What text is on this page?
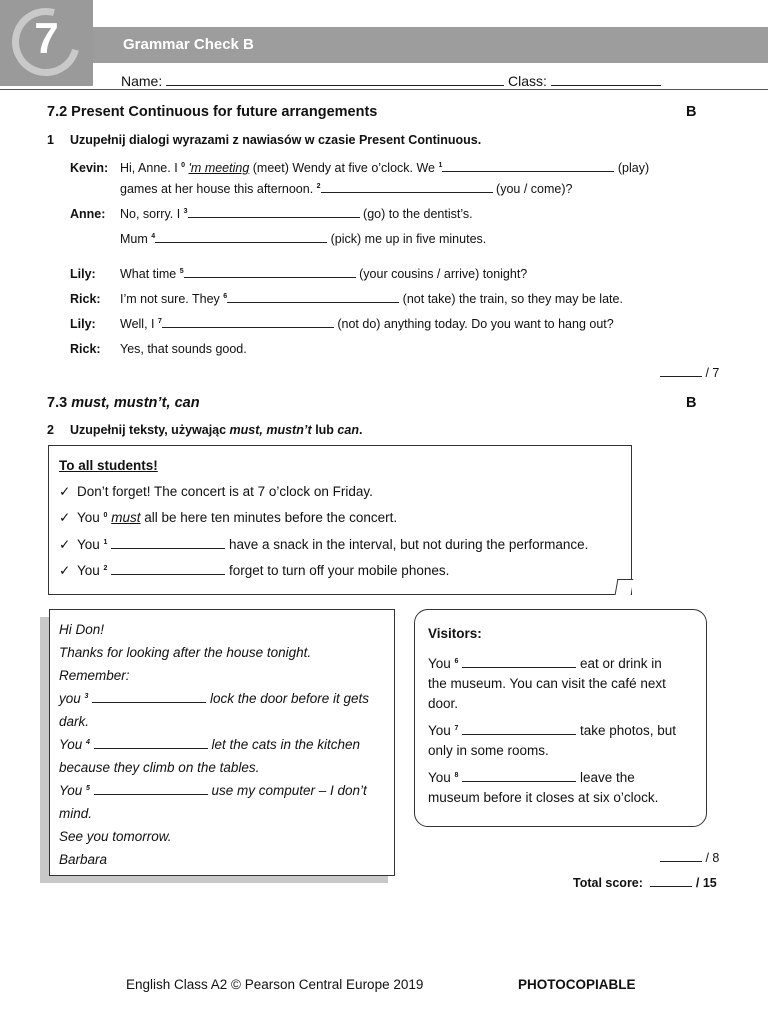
7	Grammar Check B
Name:	Class:
7.2 Present Continuous for future arrangements	B
1 Uzupełnij dialogi wyrazami z nawiasów w czasie Present Continuous.
Kevin: Hi, Anne. I $^0$ 'm meeting (meet) Wendy at five o’clock. We $^1$	(play)
games at her house this afternoon. $^2$	(you / come)?
Anne: No, sorry. I $^3$	(go) to the dentist’s.
Mum $^4$	(pick) me up in five minutes.
Lily: What time $^5$	(your cousins / arrive) tonight?
Rick: I’m not sure. They $^6$	(not take) the train, so they may be late.
Lily: Well, I $^7$	(not do) anything today. Do you want to hang out?
Rick: Yes, that sounds good.
/ 7
7.3 must, mustn’t, can	B
2 Uzupełnij teksty, używając must, mustn’t lub can.
To all students!
✓ Don’t forget! The concert is at 7 o’clock on Friday.
✓ You $^0$ must all be here ten minutes before the concert.
✓ You $^1$	have a snack in the interval, but not during the performance.
✓ You $^2$	forget to turn off your mobile phones.
Hi Don!
Thanks for looking after the house tonight.
Remember:
you $^3$	lock the door before it gets
dark.
You $^4$	let the cats in the kitchen
because they climb on the tables.
You $^5$	use my computer – I don’t
mind.
See you tomorrow.
Barbara
Visitors:
You $^6$	eat or drink in
the museum. You can visit the café next
door.
You $^7$	take photos, but
only in some rooms.
You $^8$	leave the
museum before it closes at six o’clock.
/ 8
Total score:	/ 15
English Class A2 © Pearson Central Europe 2019	PHOTOCOPIABLE
